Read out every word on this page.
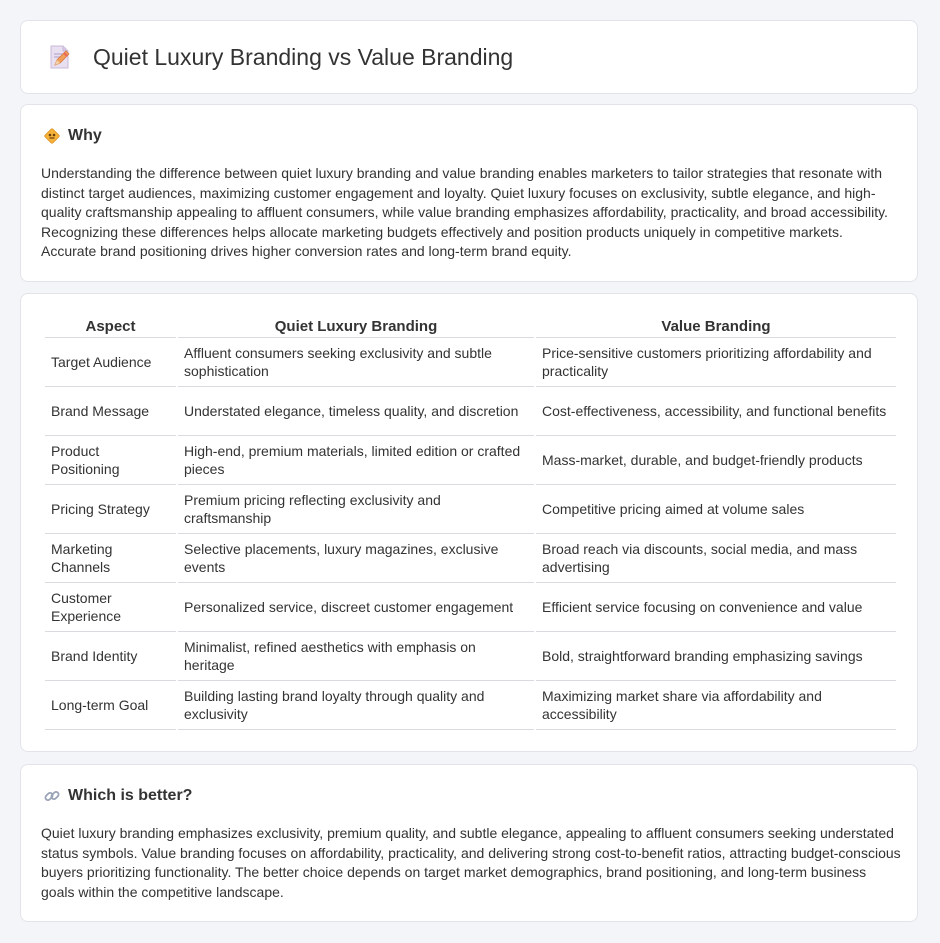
Quiet Luxury Branding vs Value Branding
Why

Understanding the difference between quiet luxury branding and value branding enables marketers to tailor strategies that resonate with distinct target audiences, maximizing customer engagement and loyalty. Quiet luxury focuses on exclusivity, subtle elegance, and high-quality craftsmanship appealing to affluent consumers, while value branding emphasizes affordability, practicality, and broad accessibility. Recognizing these differences helps allocate marketing budgets effectively and position products uniquely in competitive markets. Accurate brand positioning drives higher conversion rates and long-term brand equity.

Aspect	Quiet Luxury Branding	Value Branding
Target Audience	Affluent consumers seeking exclusivity and subtle sophistication	Price-sensitive customers prioritizing affordability and practicality
Brand Message	Understated elegance, timeless quality, and discretion	Cost-effectiveness, accessibility, and functional benefits
Product Positioning	High-end, premium materials, limited edition or crafted pieces	Mass-market, durable, and budget-friendly products
Pricing Strategy	Premium pricing reflecting exclusivity and craftsmanship	Competitive pricing aimed at volume sales
Marketing Channels	Selective placements, luxury magazines, exclusive events	Broad reach via discounts, social media, and mass advertising
Customer Experience	Personalized service, discreet customer engagement	Efficient service focusing on convenience and value
Brand Identity	Minimalist, refined aesthetics with emphasis on heritage	Bold, straightforward branding emphasizing savings
Long-term Goal	Building lasting brand loyalty through quality and exclusivity	Maximizing market share via affordability and accessibility
Which is better?

Quiet luxury branding emphasizes exclusivity, premium quality, and subtle elegance, appealing to affluent consumers seeking understated status symbols. Value branding focuses on affordability, practicality, and delivering strong cost-to-benefit ratios, attracting budget-conscious buyers prioritizing functionality. The better choice depends on target market demographics, brand positioning, and long-term business goals within the competitive landscape.
